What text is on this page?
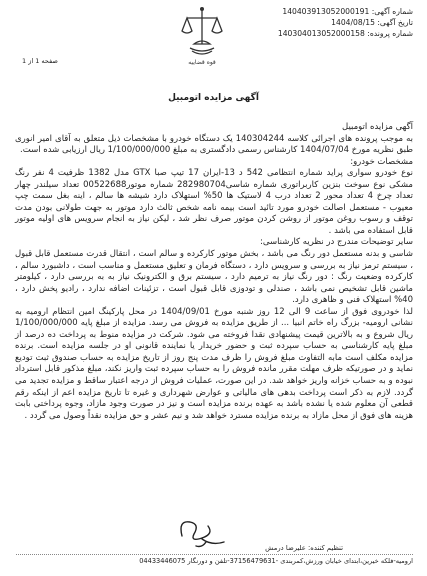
شماره آگهی: 140403913052000191
تاریخ آگهی: 1404/08/15
شماره پرونده: 140304013052000158
قوه قضاییه
صفحه 1 از 1
آگهی مزایده اتومبیل

آگهی مزایده اتومبیل

به موجب پرونده های اجرائی کلاسه 140304244 یک دستگاه خودرو با مشخصات ذیل متعلق به آقای امیر انوری طبق نظریه مورخ 1404/07/04 کارشناس رسمی دادگستری به مبلغ 1/100/000/000 ریال ارزیابی شده است.

مشخصات خودرو:

نوع خودرو سواری پراید شماره انتظامی 542 د 13-ایران 17 تیپ صبا GTX مدل 1382 ظرفیت 4 نفر رنگ مشکی نوع سوخت بنزین کاربراتوری شماره شاسی282980704 شماره موتور00522688 تعداد سیلندر چهار تعداد چرخ 4 تعداد محور 2 تعداد درب 4 لاستیک ها 50% استهلاک دارد شیشه ها سالم ، اینه بغل سمت چپ معیوب - مستعمل اصالت خودرو مورد تائید است بیمه نامه شخص ثالث دارد موتور به جهت طولانی بودن مدت توقف و رسوب روغن موتور از روشن کردن موتور صرف نظر شد ، لیکن نیاز به انجام سرویس های اولیه موتور قابل استفاده می باشد .

سایر توضیحات مندرج در نظریه کارشناسی:

شاسی و بدنه مستعمل دور رنگ می باشد ، بخش موتور کارکرده و سالم است ، انتقال قدرت مستعمل قابل قبول ، سیستم ترمز نیاز به بررسی و سرویس دارد ، دستگاه فرمان و تعلیق مستعمل و مناسب است ، داشبورد سالم ، کارکرده وضعیت رنگ : دور رنگ نیاز به ترمیم دارد ، سیستم برق و الکترونیک نیاز به به بررسی دارد ، کیلومتر ماشین قابل تشخیص نمی باشد ، صندلی و تودوزی قابل قبول است ، تزئینات اضافه ندارد ، رادیو پخش دارد ، 40% استهلاک فنی و ظاهری دارد.

لذا خودروی فوق از ساعت 9 الی 12 روز شنبه مورخ 1404/09/01 در محل پارکینگ امین انتظام ارومیه به نشانی ارومیه- بزرگ راه خاتم انبیا ... از طریق مزایده به فروش می رسد. مزایده از مبلغ پایه 1/100/000/000 ریال شروع و به بالاترین قیمت پیشنهادی نقدا فروخته می شود. شرکت در مزایده منوط به پرداخت ده درصد از مبلغ پایه کارشناسی به حساب سپرده ثبت و حضور خریدار یا نماینده قانونی او در جلسه مزایده است. برنده مزایده مکلف است مابه التفاوت مبلغ فروش را ظرف مدت پنج روز از تاریخ مزایده به حساب صندوق ثبت تودیع نماید و در صورتیکه ظرف مهلت مقرر مانده فروش را به حساب سپرده ثبت واریز نکند، مبلغ مذکور قابل استرداد نبوده و به حساب خزانه واریز خواهد شد. در این صورت، عملیات فروش از درجه اعتبار ساقط و مزایده تجدید می گردد. لازم به ذکر است پرداخت بدهی های مالیاتی و عوارض شهرداری و غیره تا تاریخ مزایده اعم از اینکه رقم قطعی آن معلوم شده یا نشده باشد به عهده برنده مزایده است و نیز در صورت وجود مازاد، وجوه پرداختی بابت هزینه های فوق از محل مازاد به برنده مزایده مسترد خواهد شد و نیم عشر و حق مزایده نقداً وصول می گردد .

تنظیم کننده: علیرضا درمش
ارومیه-فلکه خیرین،ابتدای خیابان ورزش،کمربندی -37156479631-تلفن و دورنگار 04433446075
